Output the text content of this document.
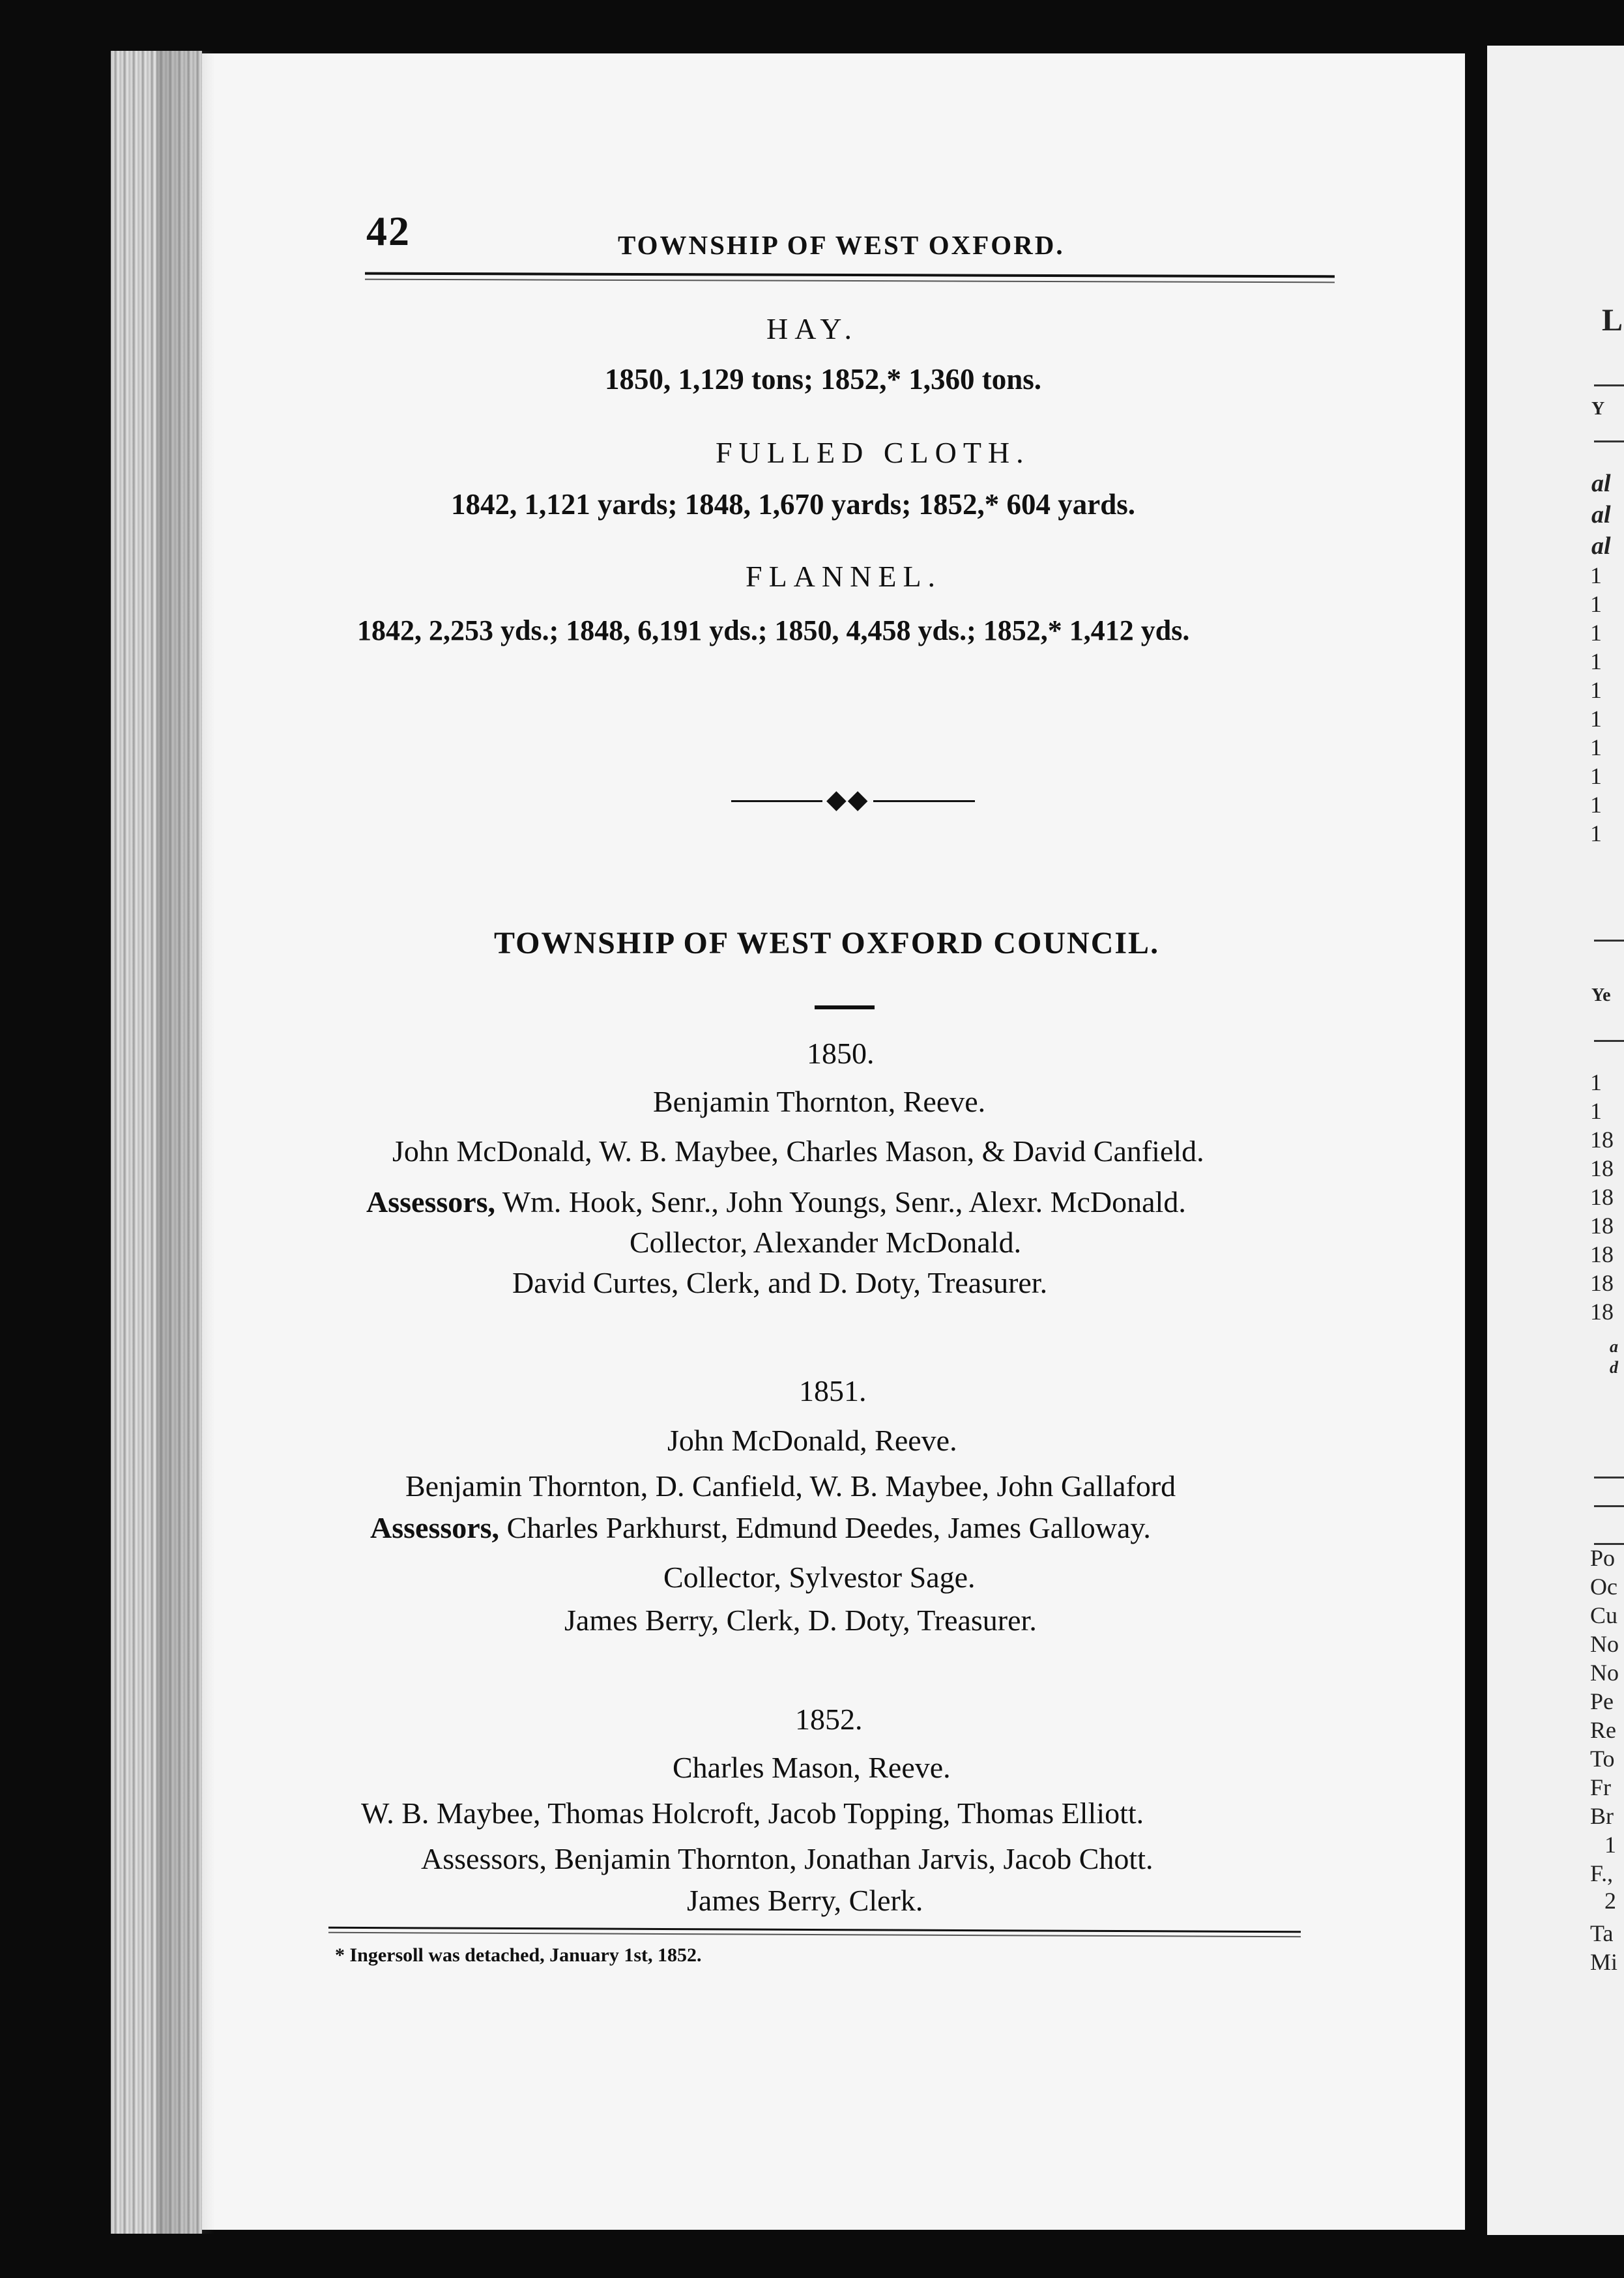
42	TOWNSHIP OF WEST OXFORD.
HAY.
1850, 1,129 tons; 1852,* 1,360 tons.
FULLED CLOTH.
1842, 1,121 yards; 1848, 1,670 yards; 1852,* 604 yards.
FLANNEL.
1842, 2,253 yds.; 1848, 6,191 yds.; 1850, 4,458 yds.; 1852,* 1,412 yds.
◆◆
TOWNSHIP OF WEST OXFORD COUNCIL.
1850.
Benjamin Thornton, Reeve.
John McDonald, W. B. Maybee, Charles Mason, & David Canfield.
Assessors, Wm. Hook, Senr., John Youngs, Senr., Alexr. McDonald.
Collector, Alexander McDonald.
David Curtes, Clerk, and D. Doty, Treasurer.
1851.
John McDonald, Reeve.
Benjamin Thornton, D. Canfield, W. B. Maybee, John Gallaford
Assessors, Charles Parkhurst, Edmund Deedes, James Galloway.
Collector, Sylvestor Sage.
James Berry, Clerk, D. Doty, Treasurer.
1852.
Charles Mason, Reeve.
W. B. Maybee, Thomas Holcroft, Jacob Topping, Thomas Elliott.
Assessors, Benjamin Thornton, Jonathan Jarvis, Jacob Chott.
James Berry, Clerk.
* Ingersoll was detached, January 1st, 1852.
L
Y
al
al
al
1
1
1
1
1
1
1
1
1
1
Ye
1
1
18
18
18
18
18
18
18
a
d
Po
Oc
Cu
No
No
Pe
Re
To
Fr
Br
1
F.,
2
Ta
Mi
